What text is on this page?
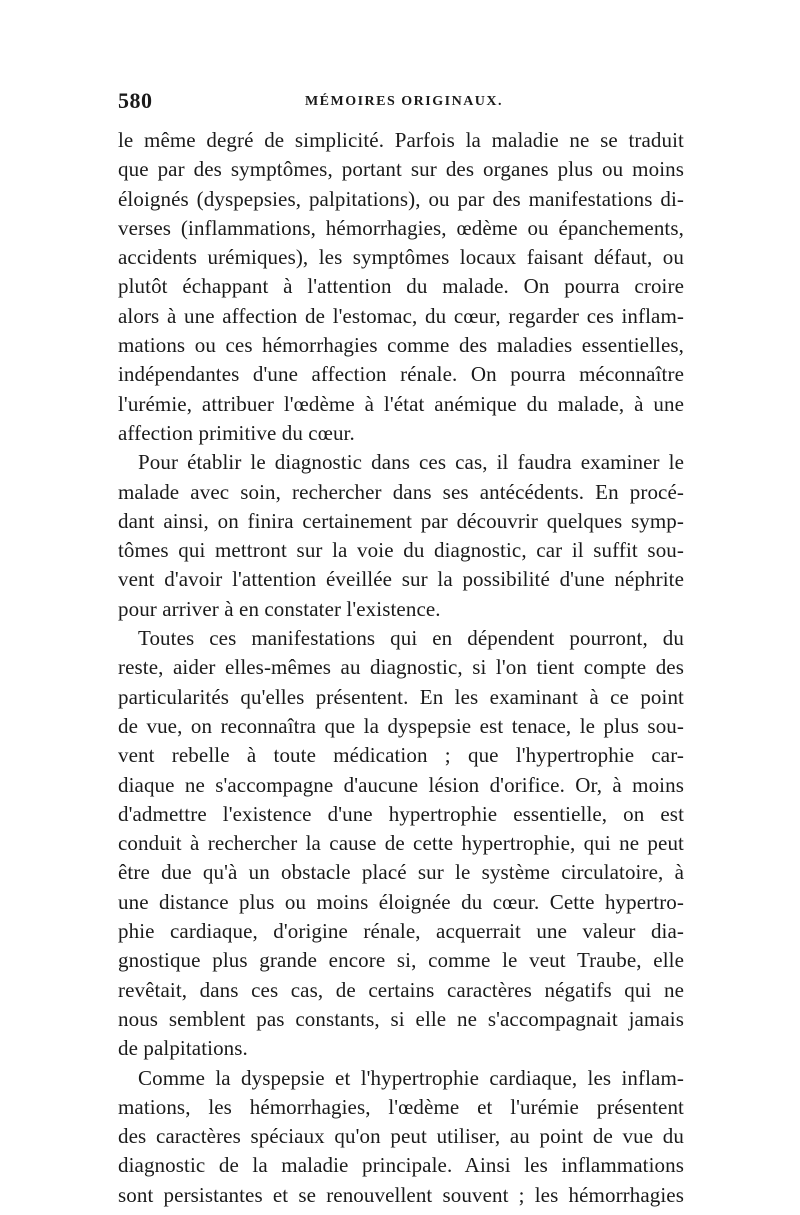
580	MÉMOIRES ORIGINAUX.
le même degré de simplicité. Parfois la maladie ne se traduit
que par des symptômes, portant sur des organes plus ou moins
éloignés (dyspepsies, palpitations), ou par des manifestations di-
verses (inflammations, hémorrhagies, œdème ou épanchements,
accidents urémiques), les symptômes locaux faisant défaut, ou
plutôt échappant à l'attention du malade. On pourra croire
alors à une affection de l'estomac, du cœur, regarder ces inflam-
mations ou ces hémorrhagies comme des maladies essentielles,
indépendantes d'une affection rénale. On pourra méconnaître
l'urémie, attribuer l'œdème à l'état anémique du malade, à une
affection primitive du cœur.
Pour établir le diagnostic dans ces cas, il faudra examiner le
malade avec soin, rechercher dans ses antécédents. En procé-
dant ainsi, on finira certainement par découvrir quelques symp-
tômes qui mettront sur la voie du diagnostic, car il suffit sou-
vent d'avoir l'attention éveillée sur la possibilité d'une néphrite
pour arriver à en constater l'existence.
Toutes ces manifestations qui en dépendent pourront, du
reste, aider elles-mêmes au diagnostic, si l'on tient compte des
particularités qu'elles présentent. En les examinant à ce point
de vue, on reconnaîtra que la dyspepsie est tenace, le plus sou-
vent rebelle à toute médication ; que l'hypertrophie car-
diaque ne s'accompagne d'aucune lésion d'orifice. Or, à moins
d'admettre l'existence d'une hypertrophie essentielle, on est
conduit à rechercher la cause de cette hypertrophie, qui ne peut
être due qu'à un obstacle placé sur le système circulatoire, à
une distance plus ou moins éloignée du cœur. Cette hypertro-
phie cardiaque, d'origine rénale, acquerrait une valeur dia-
gnostique plus grande encore si, comme le veut Traube, elle
revêtait, dans ces cas, de certains caractères négatifs qui ne
nous semblent pas constants, si elle ne s'accompagnait jamais
de palpitations.
Comme la dyspepsie et l'hypertrophie cardiaque, les inflam-
mations, les hémorrhagies, l'œdème et l'urémie présentent
des caractères spéciaux qu'on peut utiliser, au point de vue du
diagnostic de la maladie principale. Ainsi les inflammations
sont persistantes et se renouvellent souvent ; les hémorrhagies
